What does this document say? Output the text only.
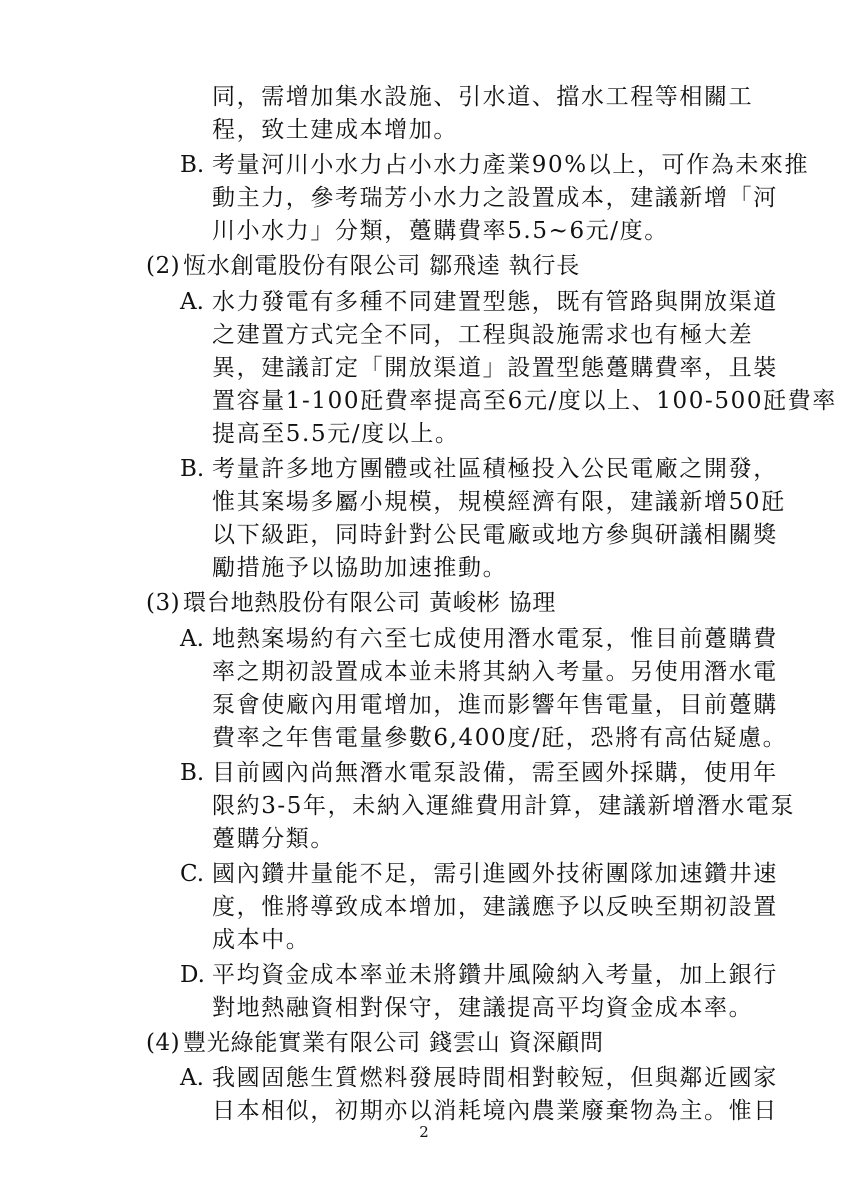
同，需增加集水設施、引水道、擋水工程等相關工
程，致土建成本增加。
B. 考量河川小水力占小水力產業90%以上，可作為未來推
動主力，參考瑞芳小水力之設置成本，建議新增「河
川小水力」分類，躉購費率5.5~6元/度。
(2) 恆水創電股份有限公司 鄒飛逵 執行長
A. 水力發電有多種不同建置型態，既有管路與開放渠道
之建置方式完全不同，工程與設施需求也有極大差
異，建議訂定「開放渠道」設置型態躉購費率，且裝
置容量1-100瓩費率提高至6元/度以上、100-500瓩費率
提高至5.5元/度以上。
B. 考量許多地方團體或社區積極投入公民電廠之開發，
惟其案場多屬小規模，規模經濟有限，建議新增50瓩
以下級距，同時針對公民電廠或地方參與研議相關獎
勵措施予以協助加速推動。
(3) 環台地熱股份有限公司 黃峻彬 協理
A. 地熱案場約有六至七成使用潛水電泵，惟目前躉購費
率之期初設置成本並未將其納入考量。另使用潛水電
泵會使廠內用電增加，進而影響年售電量，目前躉購
費率之年售電量參數6,400度/瓩，恐將有高估疑慮。
B. 目前國內尚無潛水電泵設備，需至國外採購，使用年
限約3-5年，未納入運維費用計算，建議新增潛水電泵
躉購分類。
C. 國內鑽井量能不足，需引進國外技術團隊加速鑽井速
度，惟將導致成本增加，建議應予以反映至期初設置
成本中。
D. 平均資金成本率並未將鑽井風險納入考量，加上銀行
對地熱融資相對保守，建議提高平均資金成本率。
(4) 豐光綠能實業有限公司 錢雲山 資深顧問
A. 我國固態生質燃料發展時間相對較短，但與鄰近國家
日本相似，初期亦以消耗境內農業廢棄物為主。惟日
2
